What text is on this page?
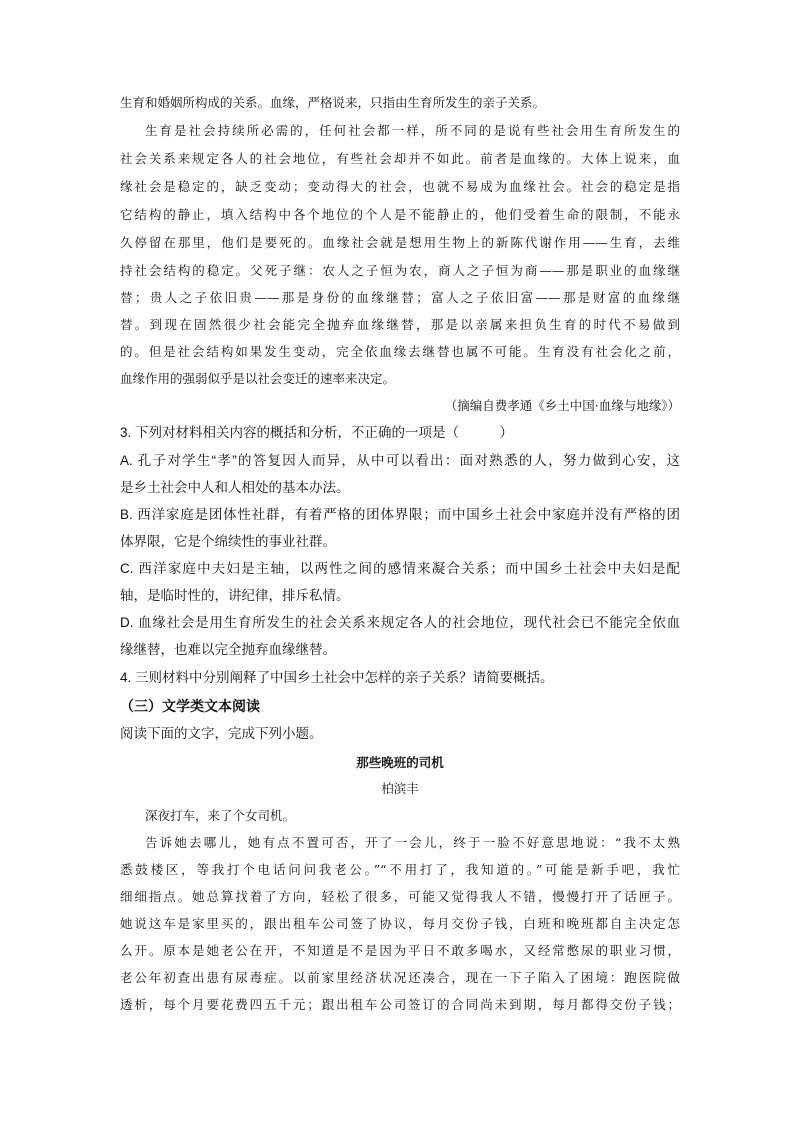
生育和婚姻所构成的关系。血缘，严格说来，只指由生育所发生的亲子关系。

生育是社会持续所必需的，任何社会都一样，所不同的是说有些社会用生育所发生的

社会关系来规定各人的社会地位，有些社会却并不如此。前者是血缘的。大体上说来，血

缘社会是稳定的，缺乏变动；变动得大的社会，也就不易成为血缘社会。社会的稳定是指

它结构的静止，填入结构中各个地位的个人是不能静止的，他们受着生命的限制，不能永

久停留在那里，他们是要死的。血缘社会就是想用生物上的新陈代谢作用——生育，去维

持社会结构的稳定。父死子继：农人之子恒为农，商人之子恒为商——那是职业的血缘继

替；贵人之子依旧贵——那是身份的血缘继替；富人之子依旧富——那是财富的血缘继

替。到现在固然很少社会能完全抛弃血缘继替，那是以亲属来担负生育的时代不易做到

的。但是社会结构如果发生变动，完全依血缘去继替也属不可能。生育没有社会化之前，

血缘作用的强弱似乎是以社会变迁的速率来决定。

（摘编自费孝通《乡土中国·血缘与地缘》）

3. 下列对材料相关内容的概括和分析，不正确的一项是（　　　）

A. 孔子对学生“孝”的答复因人而异，从中可以看出：面对熟悉的人，努力做到心安，这

是乡土社会中人和人相处的基本办法。

B. 西洋家庭是团体性社群，有着严格的团体界限；而中国乡土社会中家庭并没有严格的团

体界限，它是个绵续性的事业社群。

C. 西洋家庭中夫妇是主轴，以两性之间的感情来凝合关系；而中国乡土社会中夫妇是配

轴，是临时性的，讲纪律，排斥私情。

D. 血缘社会是用生育所发生的社会关系来规定各人的社会地位，现代社会已不能完全依血

缘继替，也难以完全抛弃血缘继替。

4. 三则材料中分别阐释了中国乡土社会中怎样的亲子关系？请简要概括。

（三）文学类文本阅读

阅读下面的文字，完成下列小题。

那些晚班的司机

柏滨丰

深夜打车，来了个女司机。

告诉她去哪儿，她有点不置可否，开了一会儿，终于一脸不好意思地说：“我不太熟

悉鼓楼区，等我打个电话问问我老公。”“不用打了，我知道的。”可能是新手吧，我忙

细细指点。她总算找着了方向，轻松了很多，可能又觉得我人不错，慢慢打开了话匣子。

她说这车是家里买的，跟出租车公司签了协议，每月交份子钱，白班和晚班都自主决定怎

么开。原本是她老公在开，不知道是不是因为平日不敢多喝水，又经常憋尿的职业习惯，

老公年初查出患有尿毒症。以前家里经济状况还凑合，现在一下子陷入了困境：跑医院做

透析，每个月要花费四五千元；跟出租车公司签订的合同尚未到期，每月都得交份子钱；
